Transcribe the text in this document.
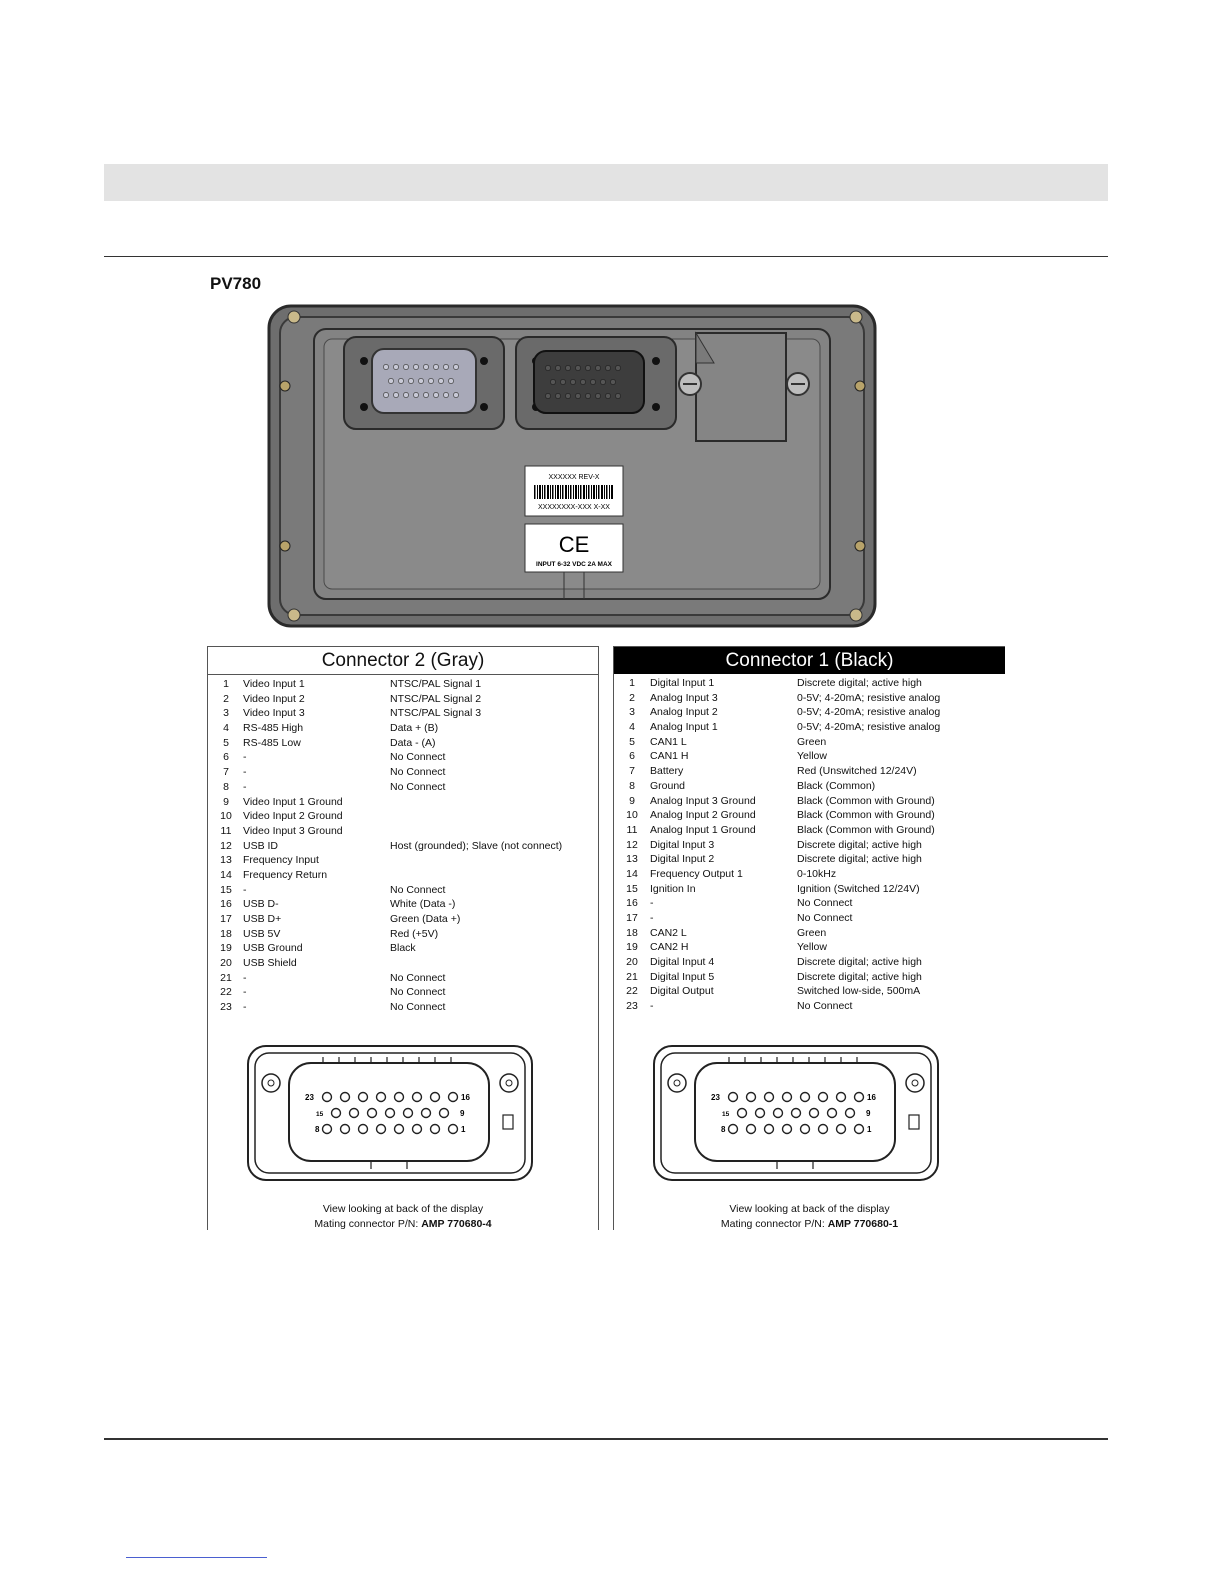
PV780
XXXXXX REV-X
XXXXXXXX-XXX X-XX
CE
INPUT 6-32 VDC 2A MAX
Connector 2 (Gray)
1	Video Input 1	NTSC/PAL Signal 1
2	Video Input 2	NTSC/PAL Signal 2
3	Video Input 3	NTSC/PAL Signal 3
4	RS-485 High	Data + (B)
5	RS-485 Low	Data - (A)
6	-	No Connect
7	-	No Connect
8	-	No Connect
9	Video Input 1 Ground
10	Video Input 2 Ground
11	Video Input 3 Ground
12	USB ID	Host (grounded); Slave (not connect)
13	Frequency Input
14	Frequency Return
15	-	No Connect
16	USB D-	White (Data -)
17	USB D+	Green (Data +)
18	USB 5V	Red (+5V)
19	USB Ground	Black
20	USB Shield
21	-	No Connect
22	-	No Connect
23	-	No Connect
23	16
15	9
8	1
View looking at back of the display
Mating connector P/N: AMP 770680-4
Connector 1 (Black)
1	Digital Input 1	Discrete digital; active high
2	Analog Input 3	0-5V; 4-20mA; resistive analog
3	Analog Input 2	0-5V; 4-20mA; resistive analog
4	Analog Input 1	0-5V; 4-20mA; resistive analog
5	CAN1 L	Green
6	CAN1 H	Yellow
7	Battery	Red (Unswitched 12/24V)
8	Ground	Black (Common)
9	Analog Input 3 Ground	Black (Common with Ground)
10	Analog Input 2 Ground	Black (Common with Ground)
11	Analog Input 1 Ground	Black (Common with Ground)
12	Digital Input 3	Discrete digital; active high
13	Digital Input 2	Discrete digital; active high
14	Frequency Output 1	0-10kHz
15	Ignition In	Ignition (Switched 12/24V)
16	-	No Connect
17	-	No Connect
18	CAN2 L	Green
19	CAN2 H	Yellow
20	Digital Input 4	Discrete digital; active high
21	Digital Input 5	Discrete digital; active high
22	Digital Output	Switched low-side, 500mA
23	-	No Connect
23	16
15	9
8	1
View looking at back of the display
Mating connector P/N: AMP 770680-1
